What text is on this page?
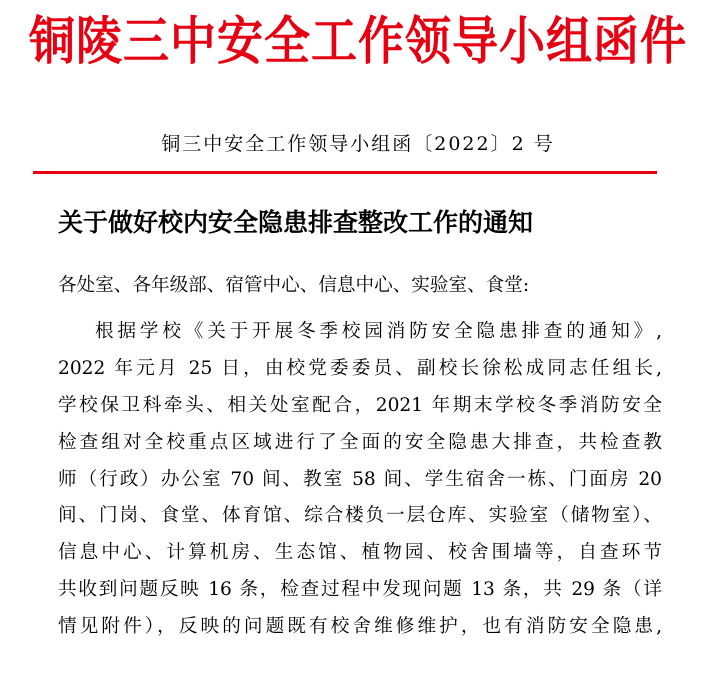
铜陵三中安全工作领导小组函件
铜三中安全工作领导小组函〔2022〕2 号
关于做好校内安全隐患排查整改工作的通知
各处室、各年级部、宿管中心、信息中心、实验室、食堂:
根据学校《关于开展冬季校园消防安全隐患排查的通知》,
2022 年元月 25 日，由校党委委员、副校长徐松成同志任组长,
学校保卫科牵头、相关处室配合，2021 年期末学校冬季消防安全
检查组对全校重点区域进行了全面的安全隐患大排查，共检查教
师（行政）办公室 70 间、教室 58 间、学生宿舍一栋、门面房 20
间、门岗、食堂、体育馆、综合楼负一层仓库、实验室（储物室）、
信息中心、计算机房、生态馆、植物园、校舍围墙等，自查环节
共收到问题反映 16 条，检查过程中发现问题 13 条，共 29 条（详
情见附件），反映的问题既有校舍维修维护，也有消防安全隐患,
